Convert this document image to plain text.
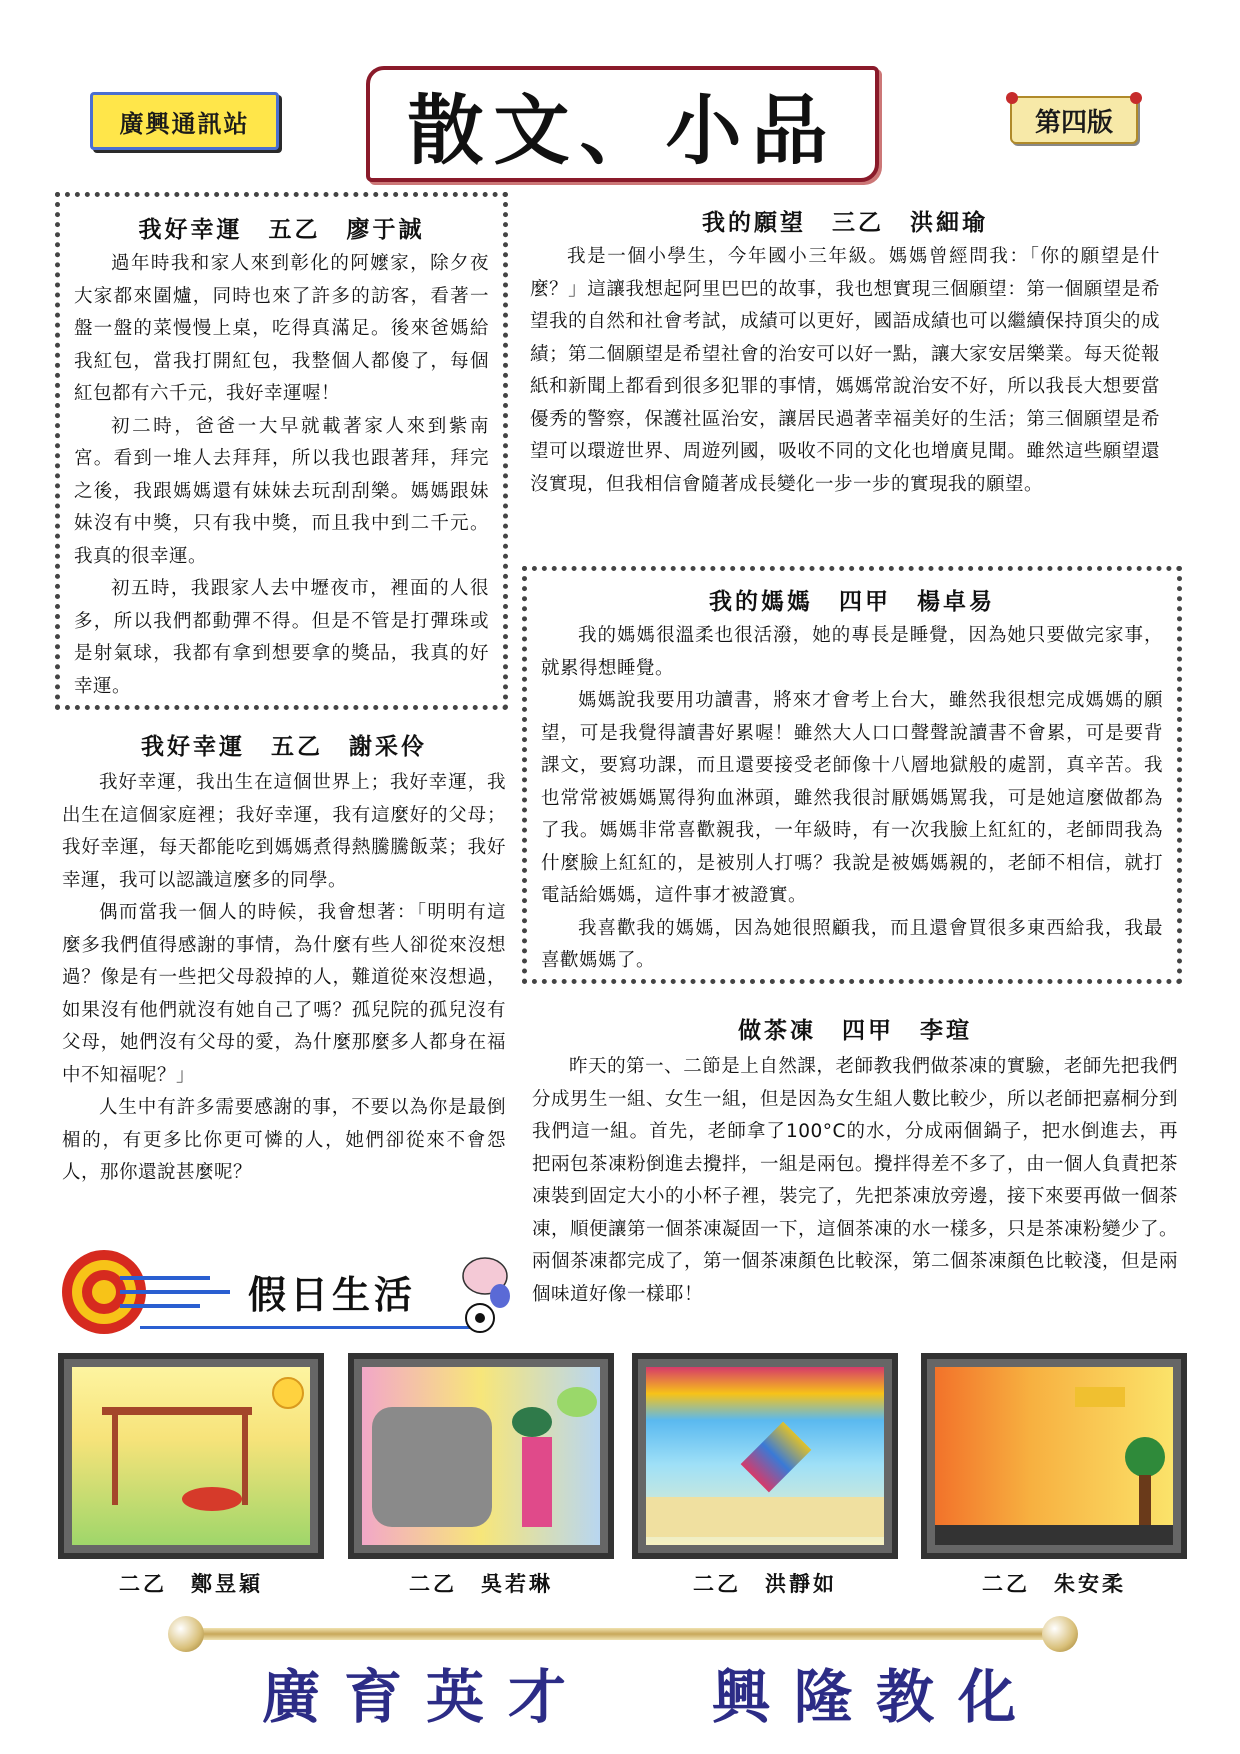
廣興通訊站	散文、小品	第四版

我好幸運　五乙　廖于誠

過年時我和家人來到彰化的阿嬤家，除夕夜大家都來圍爐，同時也來了許多的訪客，看著一盤一盤的菜慢慢上桌，吃得真滿足。後來爸媽給我紅包，當我打開紅包，我整個人都傻了，每個紅包都有六千元，我好幸運喔！

初二時，爸爸一大早就載著家人來到紫南宮。看到一堆人去拜拜，所以我也跟著拜，拜完之後，我跟媽媽還有妹妹去玩刮刮樂。媽媽跟妹妹沒有中獎，只有我中獎，而且我中到二千元。我真的很幸運。

初五時，我跟家人去中壢夜市，裡面的人很多，所以我們都動彈不得。但是不管是打彈珠或是射氣球，我都有拿到想要拿的獎品，我真的好幸運。

我好幸運　五乙　謝采伶

我好幸運，我出生在這個世界上；我好幸運，我出生在這個家庭裡；我好幸運，我有這麼好的父母；我好幸運，每天都能吃到媽媽煮得熱騰騰飯菜；我好幸運，我可以認識這麼多的同學。

偶而當我一個人的時候，我會想著：「明明有這麼多我們值得感謝的事情，為什麼有些人卻從來沒想過？像是有一些把父母殺掉的人，難道從來沒想過，如果沒有他們就沒有她自己了嗎？孤兒院的孤兒沒有父母，她們沒有父母的愛，為什麼那麼多人都身在福中不知福呢？」

人生中有許多需要感謝的事，不要以為你是最倒楣的，有更多比你更可憐的人，她們卻從來不會怨人，那你還說甚麼呢？

我的願望　三乙　洪細瑜

我是一個小學生，今年國小三年級。媽媽曾經問我：「你的願望是什麼？」這讓我想起阿里巴巴的故事，我也想實現三個願望：第一個願望是希望我的自然和社會考試，成績可以更好，國語成績也可以繼續保持頂尖的成績；第二個願望是希望社會的治安可以好一點，讓大家安居樂業。每天從報紙和新聞上都看到很多犯罪的事情，媽媽常說治安不好，所以我長大想要當優秀的警察，保護社區治安，讓居民過著幸福美好的生活；第三個願望是希望可以環遊世界、周遊列國，吸收不同的文化也增廣見聞。雖然這些願望還沒實現，但我相信會隨著成長變化一步一步的實現我的願望。

我的媽媽　四甲　楊卓易

我的媽媽很溫柔也很活潑，她的專長是睡覺，因為她只要做完家事，就累得想睡覺。

媽媽說我要用功讀書，將來才會考上台大，雖然我很想完成媽媽的願望，可是我覺得讀書好累喔！雖然大人口口聲聲說讀書不會累，可是要背課文，要寫功課，而且還要接受老師像十八層地獄般的處罰，真辛苦。我也常常被媽媽罵得狗血淋頭，雖然我很討厭媽媽罵我，可是她這麼做都為了我。媽媽非常喜歡親我，一年級時，有一次我臉上紅紅的，老師問我為什麼臉上紅紅的，是被別人打嗎？我說是被媽媽親的，老師不相信，就打電話給媽媽，這件事才被證實。

我喜歡我的媽媽，因為她很照顧我，而且還會買很多東西給我，我最喜歡媽媽了。

做茶凍　四甲　李瑄

昨天的第一、二節是上自然課，老師教我們做茶凍的實驗，老師先把我們分成男生一組、女生一組，但是因為女生組人數比較少，所以老師把嘉桐分到我們這一組。首先，老師拿了100°C的水，分成兩個鍋子，把水倒進去，再把兩包茶凍粉倒進去攪拌，一組是兩包。攪拌得差不多了，由一個人負責把茶凍裝到固定大小的小杯子裡，裝完了，先把茶凍放旁邊，接下來要再做一個茶凍，順便讓第一個茶凍凝固一下，這個茶凍的水一樣多，只是茶凍粉變少了。兩個茶凍都完成了，第一個茶凍顏色比較深，第二個茶凍顏色比較淺，但是兩個味道好像一樣耶！

假日生活
二乙　鄭昱穎	二乙　吳若琳	二乙　洪靜如	二乙　朱安柔
廣育英才 興隆教化
